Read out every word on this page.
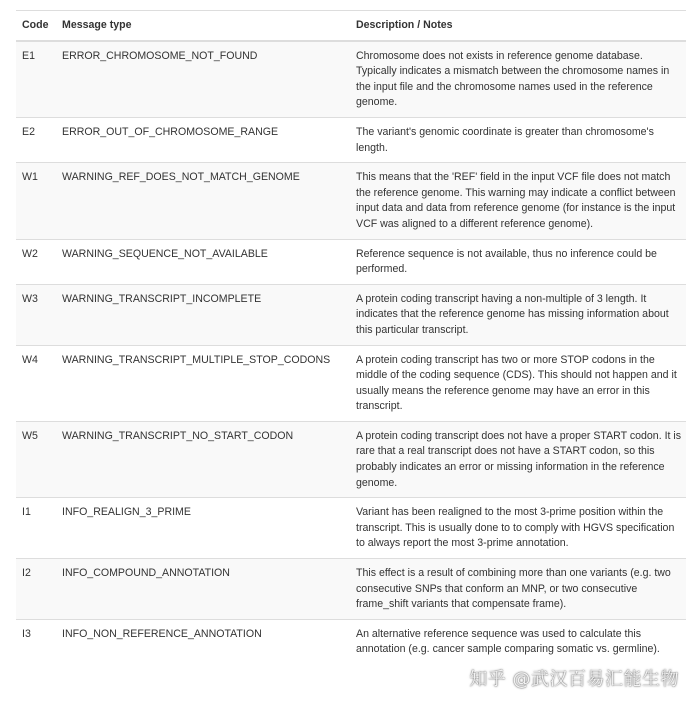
Code	Message type	Description / Notes
E1	ERROR_CHROMOSOME_NOT_FOUND	Chromosome does not exists in reference genome database. Typically indicates a mismatch between the chromosome names in the input file and the chromosome names used in the reference genome.
E2	ERROR_OUT_OF_CHROMOSOME_RANGE	The variant's genomic coordinate is greater than chromosome's length.
W1	WARNING_REF_DOES_NOT_MATCH_GENOME	This means that the 'REF' field in the input VCF file does not match the reference genome. This warning may indicate a conflict between input data and data from reference genome (for instance is the input VCF was aligned to a different reference genome).
W2	WARNING_SEQUENCE_NOT_AVAILABLE	Reference sequence is not available, thus no inference could be performed.
W3	WARNING_TRANSCRIPT_INCOMPLETE	A protein coding transcript having a non-multiple of 3 length. It indicates that the reference genome has missing information about this particular transcript.
W4	WARNING_TRANSCRIPT_MULTIPLE_STOP_CODONS	A protein coding transcript has two or more STOP codons in the middle of the coding sequence (CDS). This should not happen and it usually means the reference genome may have an error in this transcript.
W5	WARNING_TRANSCRIPT_NO_START_CODON	A protein coding transcript does not have a proper START codon. It is rare that a real transcript does not have a START codon, so this probably indicates an error or missing information in the reference genome.
I1	INFO_REALIGN_3_PRIME	Variant has been realigned to the most 3-prime position within the transcript. This is usually done to to comply with HGVS specification to always report the most 3-prime annotation.
I2	INFO_COMPOUND_ANNOTATION	This effect is a result of combining more than one variants (e.g. two consecutive SNPs that conform an MNP, or two consecutive frame_shift variants that compensate frame).
I3	INFO_NON_REFERENCE_ANNOTATION	An alternative reference sequence was used to calculate this annotation (e.g. cancer sample comparing somatic vs. germline).
知乎 @武汉百易汇能生物
